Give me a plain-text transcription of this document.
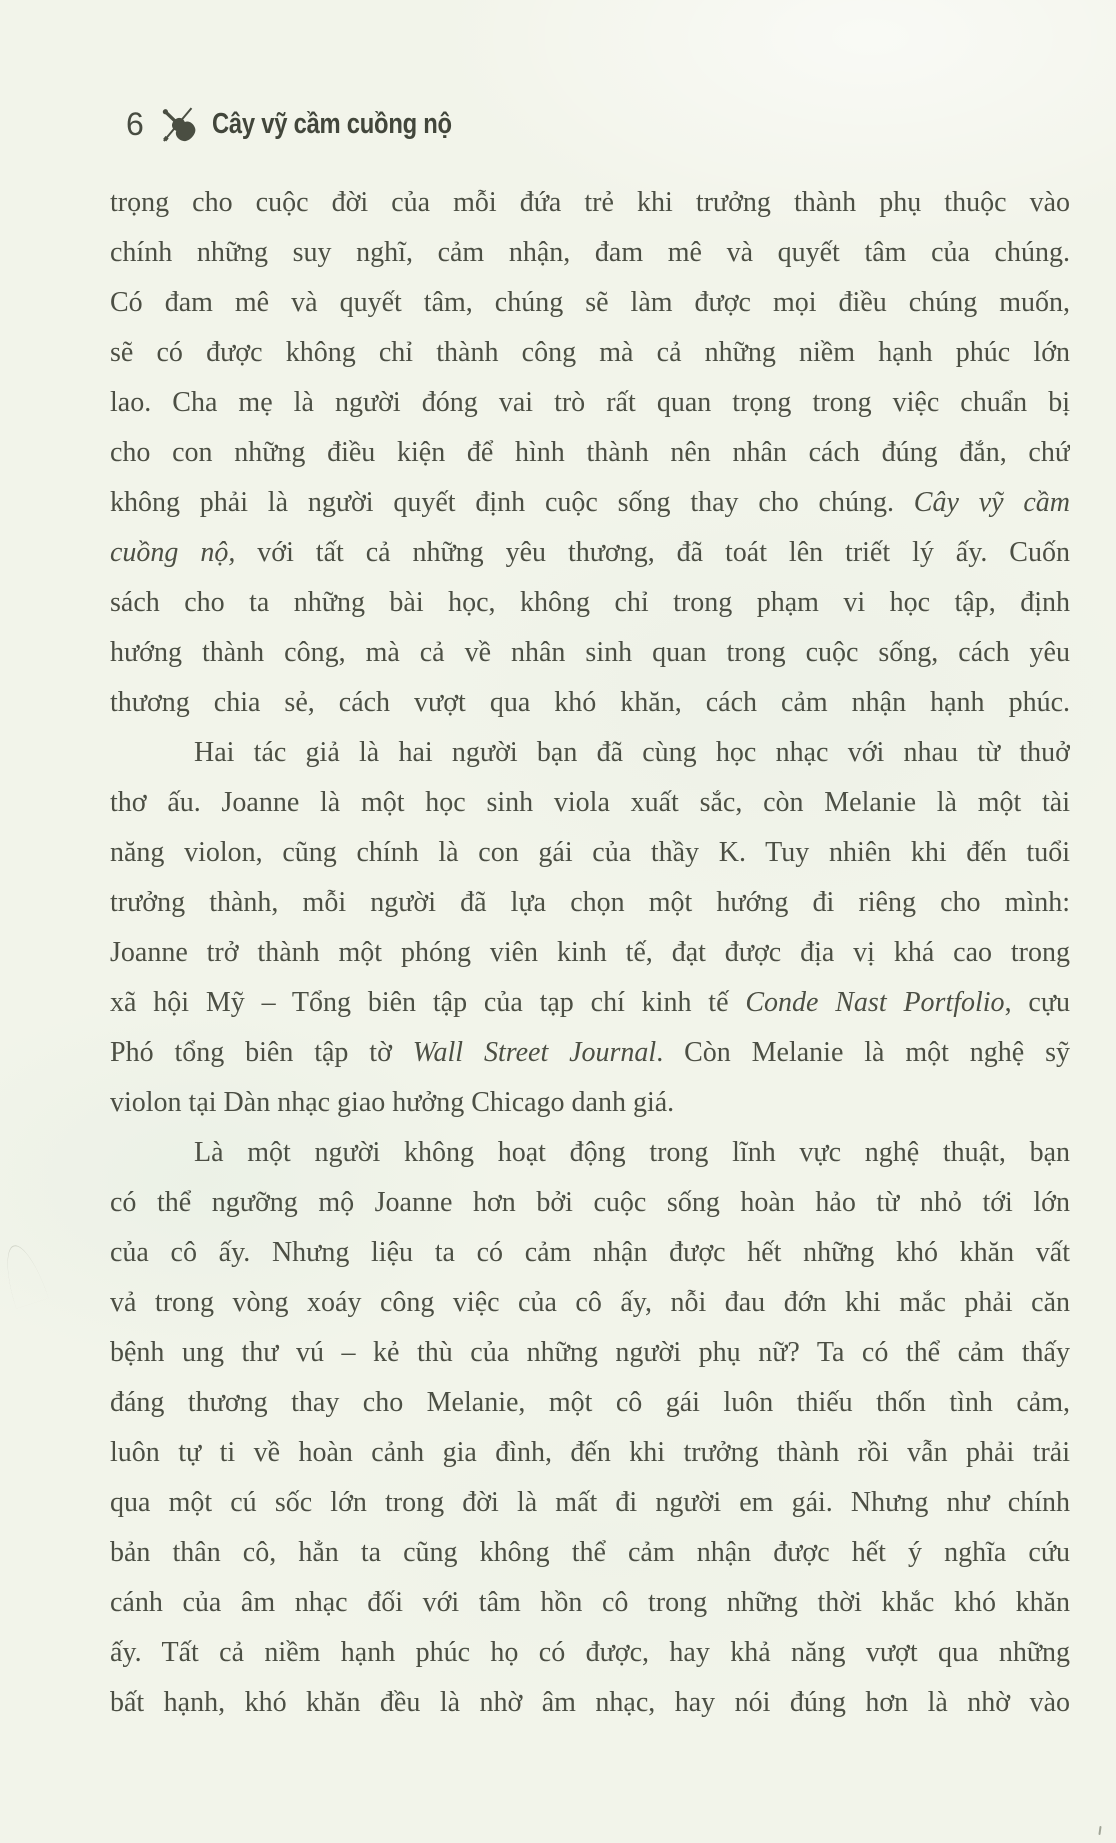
6 Cây vỹ cầm cuồng nộ
trọng cho cuộc đời của mỗi đứa trẻ khi trưởng thành phụ thuộc vào
chính những suy nghĩ, cảm nhận, đam mê và quyết tâm của chúng.
Có đam mê và quyết tâm, chúng sẽ làm được mọi điều chúng muốn,
sẽ có được không chỉ thành công mà cả những niềm hạnh phúc lớn
lao. Cha mẹ là người đóng vai trò rất quan trọng trong việc chuẩn bị
cho con những điều kiện để hình thành nên nhân cách đúng đắn, chứ
không phải là người quyết định cuộc sống thay cho chúng. Cây vỹ cầm
cuồng nộ, với tất cả những yêu thương, đã toát lên triết lý ấy. Cuốn
sách cho ta những bài học, không chỉ trong phạm vi học tập, định
hướng thành công, mà cả về nhân sinh quan trong cuộc sống, cách yêu
thương chia sẻ, cách vượt qua khó khăn, cách cảm nhận hạnh phúc.
Hai tác giả là hai người bạn đã cùng học nhạc với nhau từ thuở
thơ ấu. Joanne là một học sinh viola xuất sắc, còn Melanie là một tài
năng violon, cũng chính là con gái của thầy K. Tuy nhiên khi đến tuổi
trưởng thành, mỗi người đã lựa chọn một hướng đi riêng cho mình:
Joanne trở thành một phóng viên kinh tế, đạt được địa vị khá cao trong
xã hội Mỹ – Tổng biên tập của tạp chí kinh tế Conde Nast Portfolio, cựu
Phó tổng biên tập tờ Wall Street Journal. Còn Melanie là một nghệ sỹ
violon tại Dàn nhạc giao hưởng Chicago danh giá.
Là một người không hoạt động trong lĩnh vực nghệ thuật, bạn
có thể ngưỡng mộ Joanne hơn bởi cuộc sống hoàn hảo từ nhỏ tới lớn
của cô ấy. Nhưng liệu ta có cảm nhận được hết những khó khăn vất
vả trong vòng xoáy công việc của cô ấy, nỗi đau đớn khi mắc phải căn
bệnh ung thư vú – kẻ thù của những người phụ nữ? Ta có thể cảm thấy
đáng thương thay cho Melanie, một cô gái luôn thiếu thốn tình cảm,
luôn tự ti về hoàn cảnh gia đình, đến khi trưởng thành rồi vẫn phải trải
qua một cú sốc lớn trong đời là mất đi người em gái. Nhưng như chính
bản thân cô, hẳn ta cũng không thể cảm nhận được hết ý nghĩa cứu
cánh của âm nhạc đối với tâm hồn cô trong những thời khắc khó khăn
ấy. Tất cả niềm hạnh phúc họ có được, hay khả năng vượt qua những
bất hạnh, khó khăn đều là nhờ âm nhạc, hay nói đúng hơn là nhờ vào
